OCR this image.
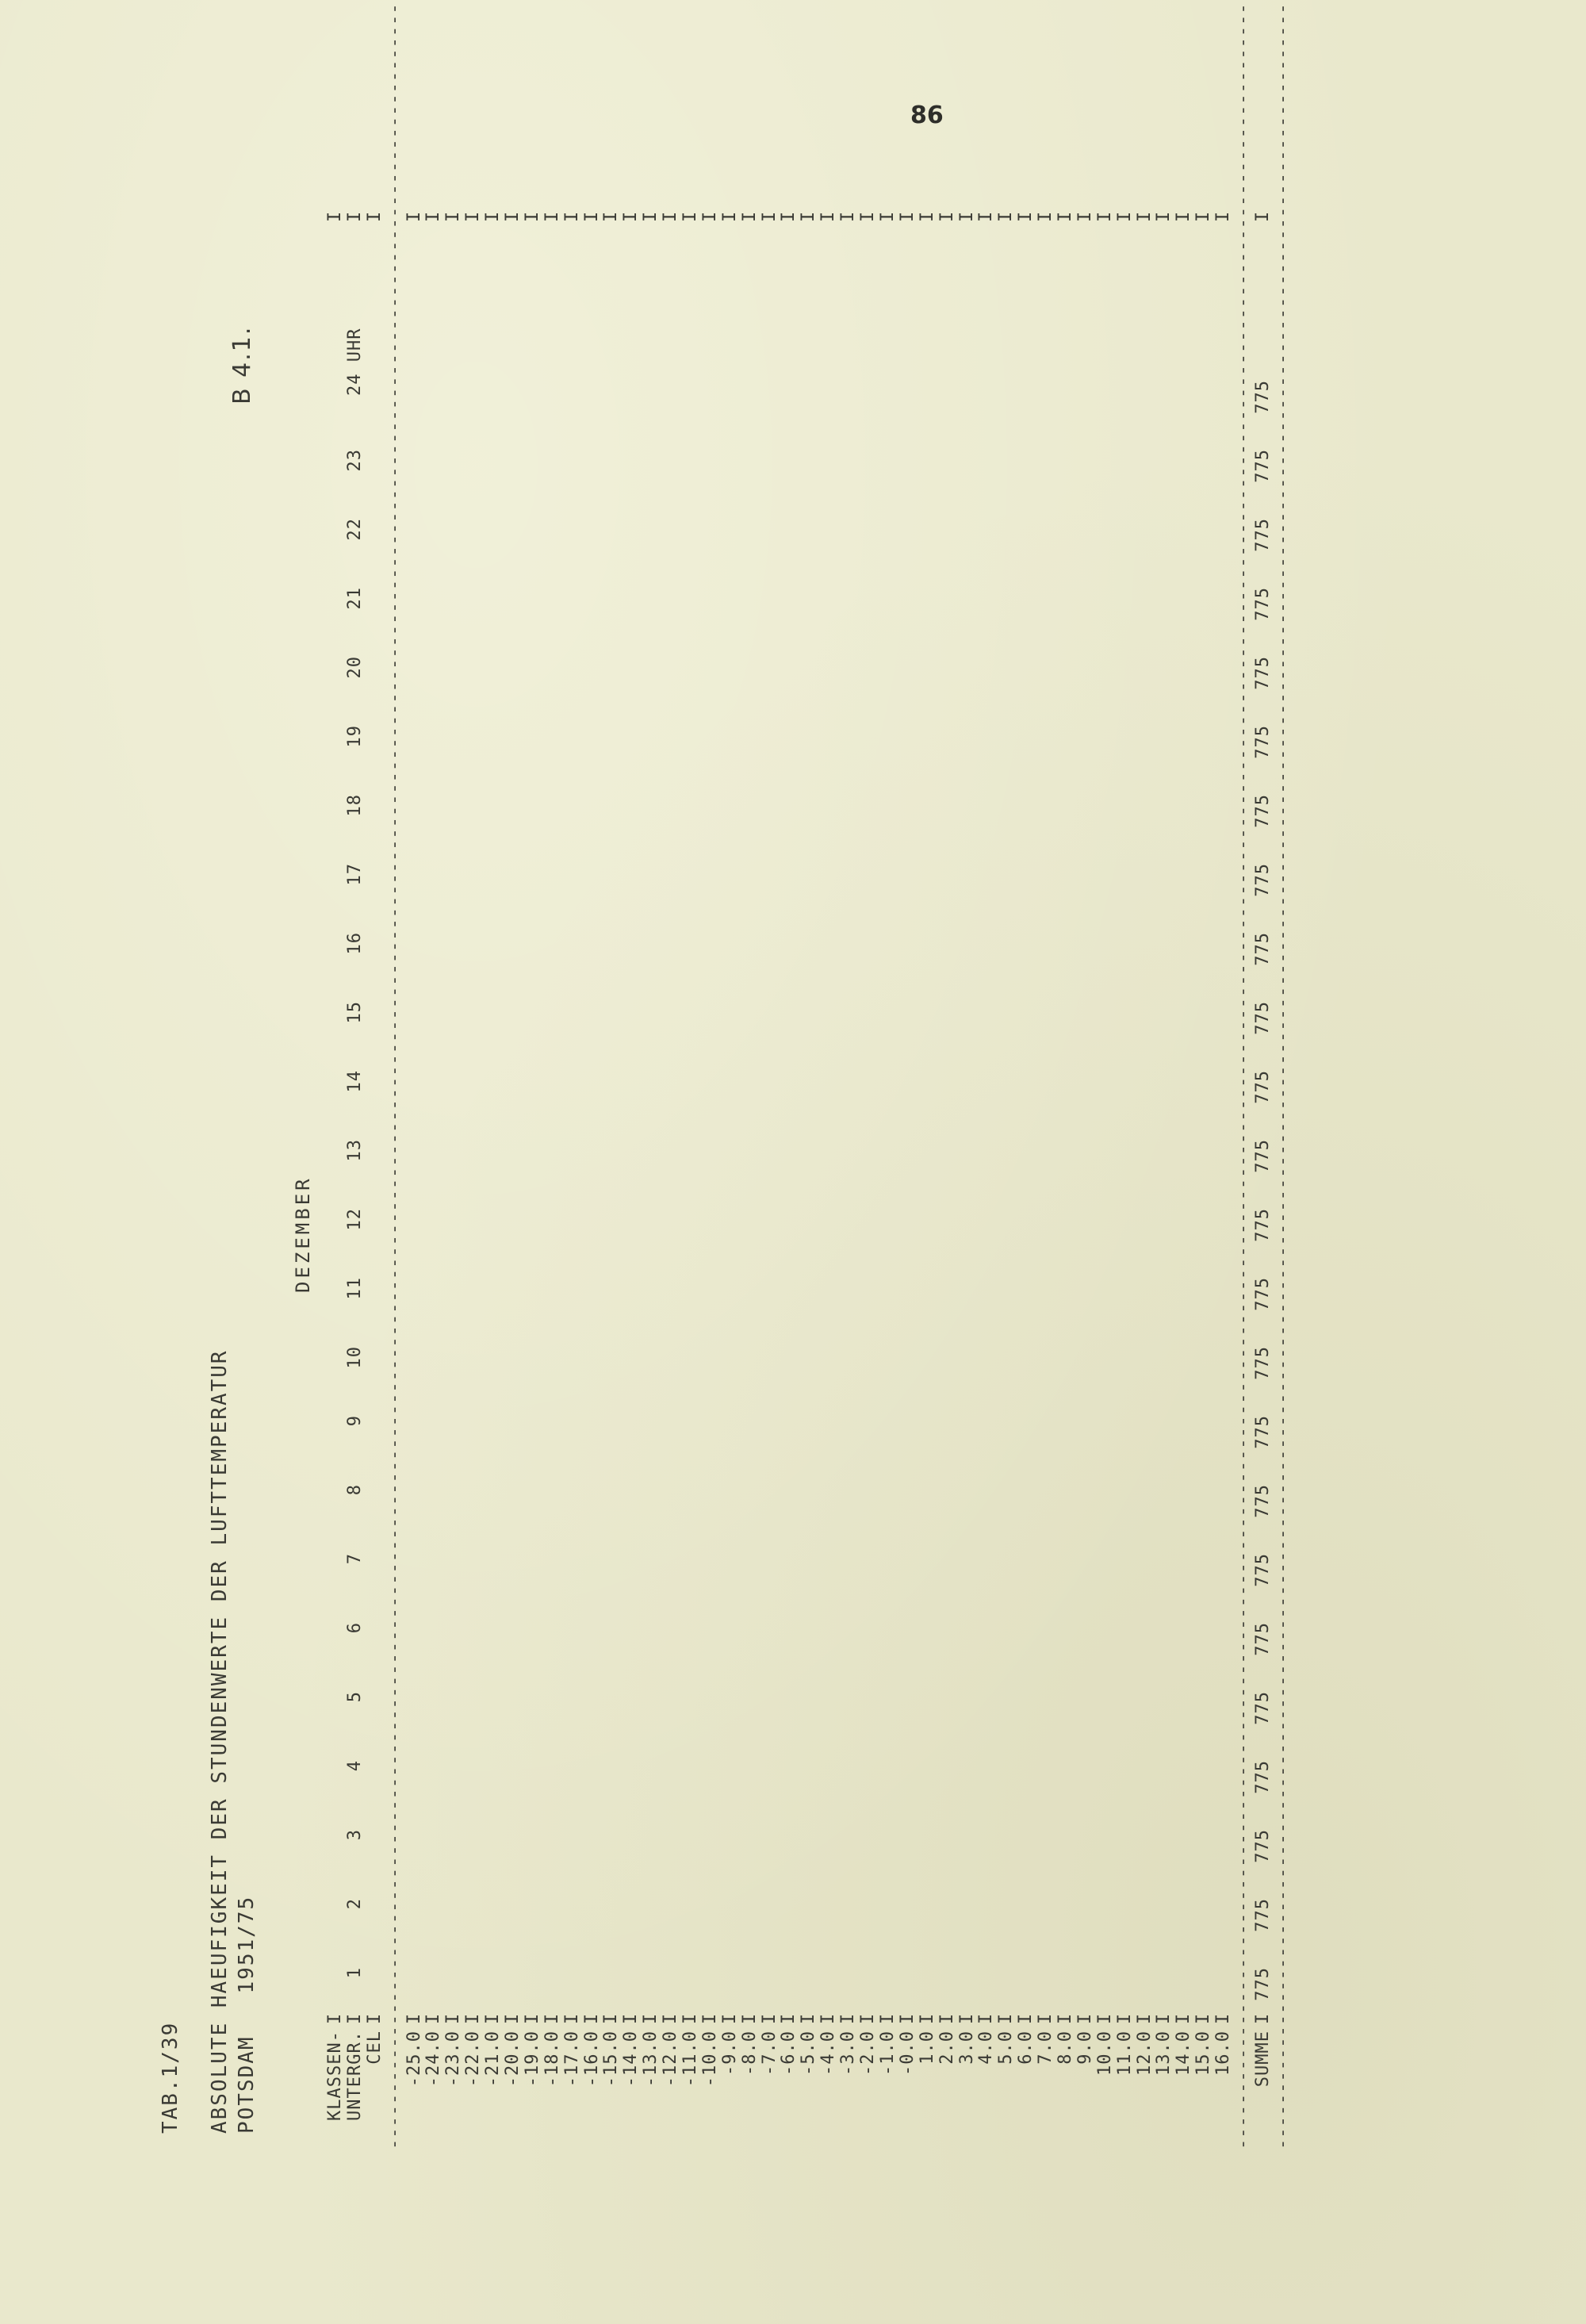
86
TAB.1/39 ABSOLUTE HAEUFIGKEIT DER STUNDENWERTE DER LUFTTEMPERATUR POTSDAM   1951/75
DEZEMBER
B 4.1.
KLASSEN-
I
I
UNTERGR.
I
1
2
3
4
5
6
7
8
9
10
11
12
13
14
15
16
17
18
19
20
21
22
23
24 UHR
I
CEL
I
I ---------------------------------------------------------------------------------------------------------------------------------------------------------------------------------------------- -25.0
I
I
-24.0
I
I
-23.0
I
I
-22.0
I
I
-21.0
I
I
-20.0
I
I
-19.0
I
I
-18.0
I
I
-17.0
I
I
-16.0
I
I
-15.0
I
I
-14.0
I
I
-13.0
I
I
-12.0
I
I
-11.0
I
I
-10.0
I
I
-9.0
I
I
-8.0
I
I
-7.0
I
I
-6.0
I
I
-5.0
I
I
-4.0
I
I
-3.0
I
I
-2.0
I
I
-1.0
I
I
-0.0
I
I
1.0
I
I
2.0
I
I
3.0
I
I
4.0
I
I
5.0
I
I
6.0
I
I
7.0
I
I
8.0
I
I
9.0
I
I
10.0
I
I
11.0
I
I
12.0
I
I
13.0
I
I
14.0
I
I
15.0
I
I
16.0
I
I ---------------------------------------------------------------------------------------------------------------------------------------------------------------------------------------------- SUMME
I
775
775
775
775
775
775
775
775
775
775
775
775
775
775
775
775
775
775
775
775
775
775
775
775
I ----------------------------------------------------------------------------------------------------------------------------------------------------------------------------------------------
